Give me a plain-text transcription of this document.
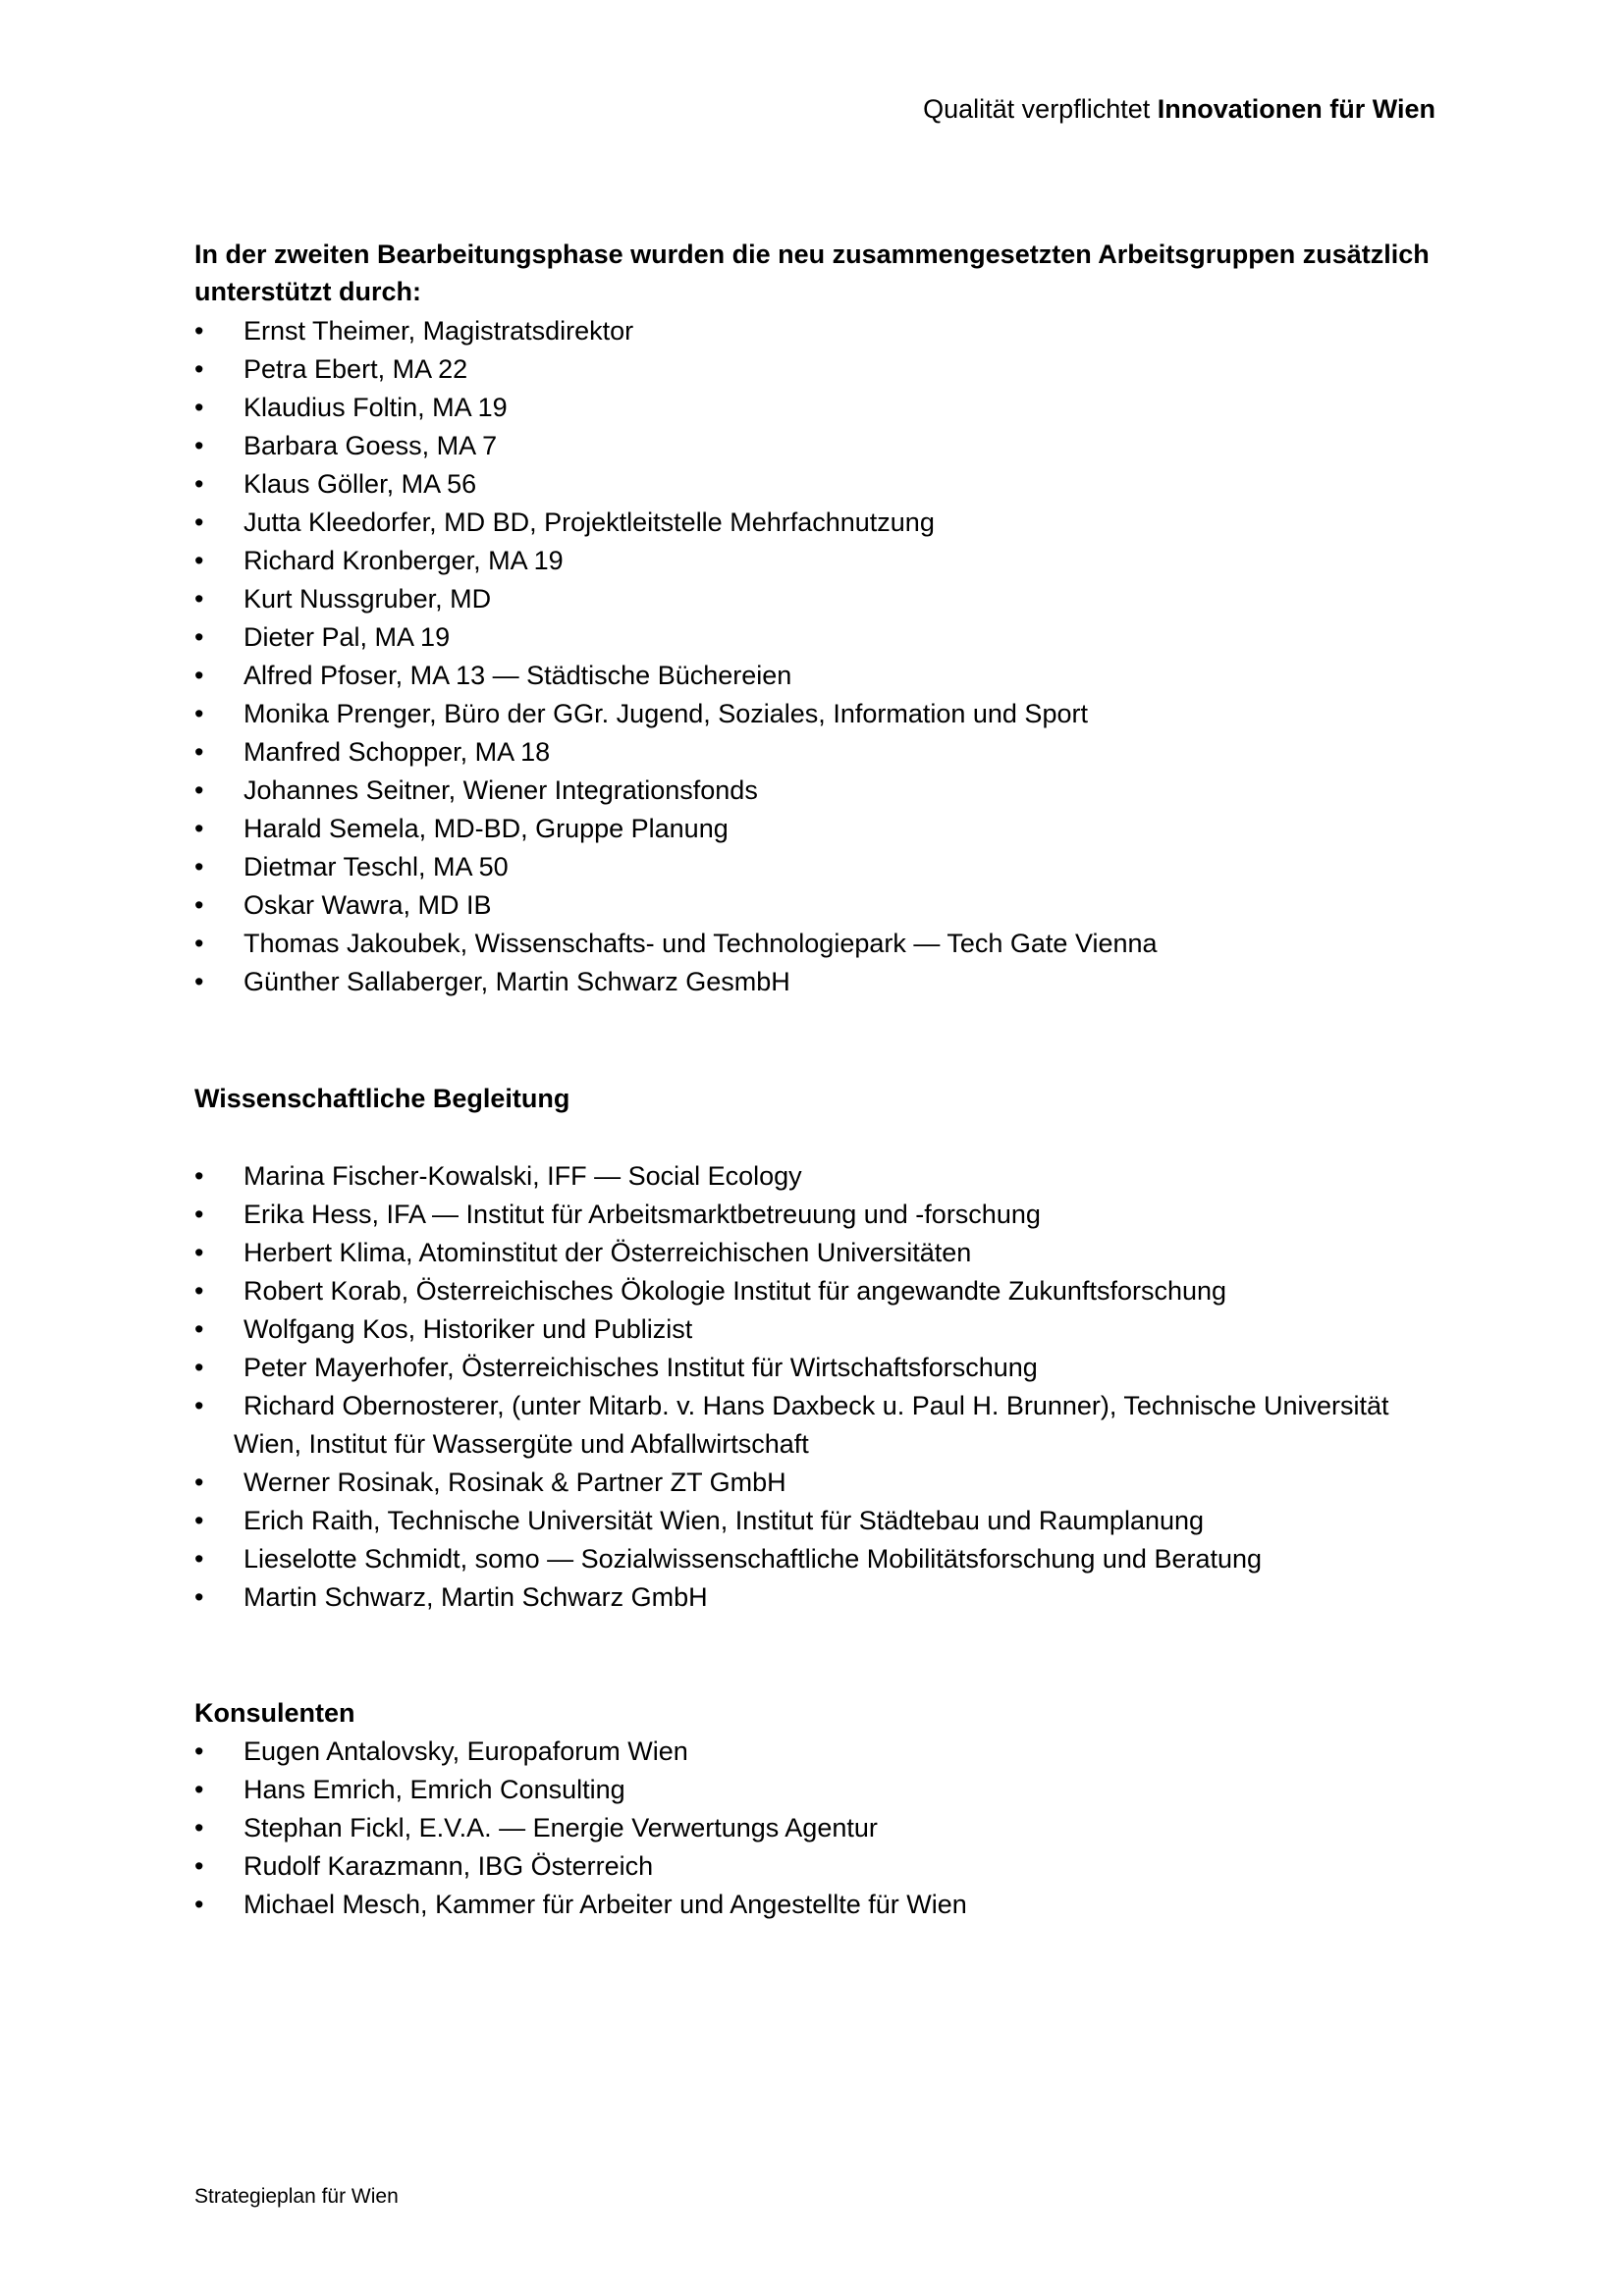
Qualität verpflichtet Innovationen für Wien
In der zweiten Bearbeitungsphase wurden die neu zusammengesetzten Arbeitsgruppen zusätzlich unterstützt durch:
• Ernst Theimer, Magistratsdirektor
• Petra Ebert, MA 22
• Klaudius Foltin, MA 19
• Barbara Goess, MA 7
• Klaus Göller, MA 56
• Jutta Kleedorfer, MD BD, Projektleitstelle Mehrfachnutzung
• Richard Kronberger, MA 19
• Kurt Nussgruber, MD
• Dieter Pal, MA 19
• Alfred Pfoser, MA 13 — Städtische Büchereien
• Monika Prenger, Büro der GGr. Jugend, Soziales, Information und Sport
• Manfred Schopper, MA 18
• Johannes Seitner, Wiener Integrationsfonds
• Harald Semela, MD-BD, Gruppe Planung
• Dietmar Teschl, MA 50
• Oskar Wawra, MD IB
• Thomas Jakoubek, Wissenschafts- und Technologiepark — Tech Gate Vienna
• Günther Sallaberger, Martin Schwarz GesmbH
Wissenschaftliche Begleitung
• Marina Fischer-Kowalski, IFF — Social Ecology
• Erika Hess, IFA — Institut für Arbeitsmarktbetreuung und -forschung
• Herbert Klima, Atominstitut der Österreichischen Universitäten
• Robert Korab, Österreichisches Ökologie Institut für angewandte Zukunftsforschung
• Wolfgang Kos, Historiker und Publizist
• Peter Mayerhofer, Österreichisches Institut für Wirtschaftsforschung
• Richard Obernosterer, (unter Mitarb. v. Hans Daxbeck u. Paul H. Brunner), Technische Universität
Wien, Institut für Wassergüte und Abfallwirtschaft
• Werner Rosinak, Rosinak & Partner ZT GmbH
• Erich Raith, Technische Universität Wien, Institut für Städtebau und Raumplanung
• Lieselotte Schmidt, somo — Sozialwissenschaftliche Mobilitätsforschung und Beratung
• Martin Schwarz, Martin Schwarz GmbH
Konsulenten
• Eugen Antalovsky, Europaforum Wien
• Hans Emrich, Emrich Consulting
• Stephan Fickl, E.V.A. — Energie Verwertungs Agentur
• Rudolf Karazmann, IBG Österreich
• Michael Mesch, Kammer für Arbeiter und Angestellte für Wien
Strategieplan für Wien
